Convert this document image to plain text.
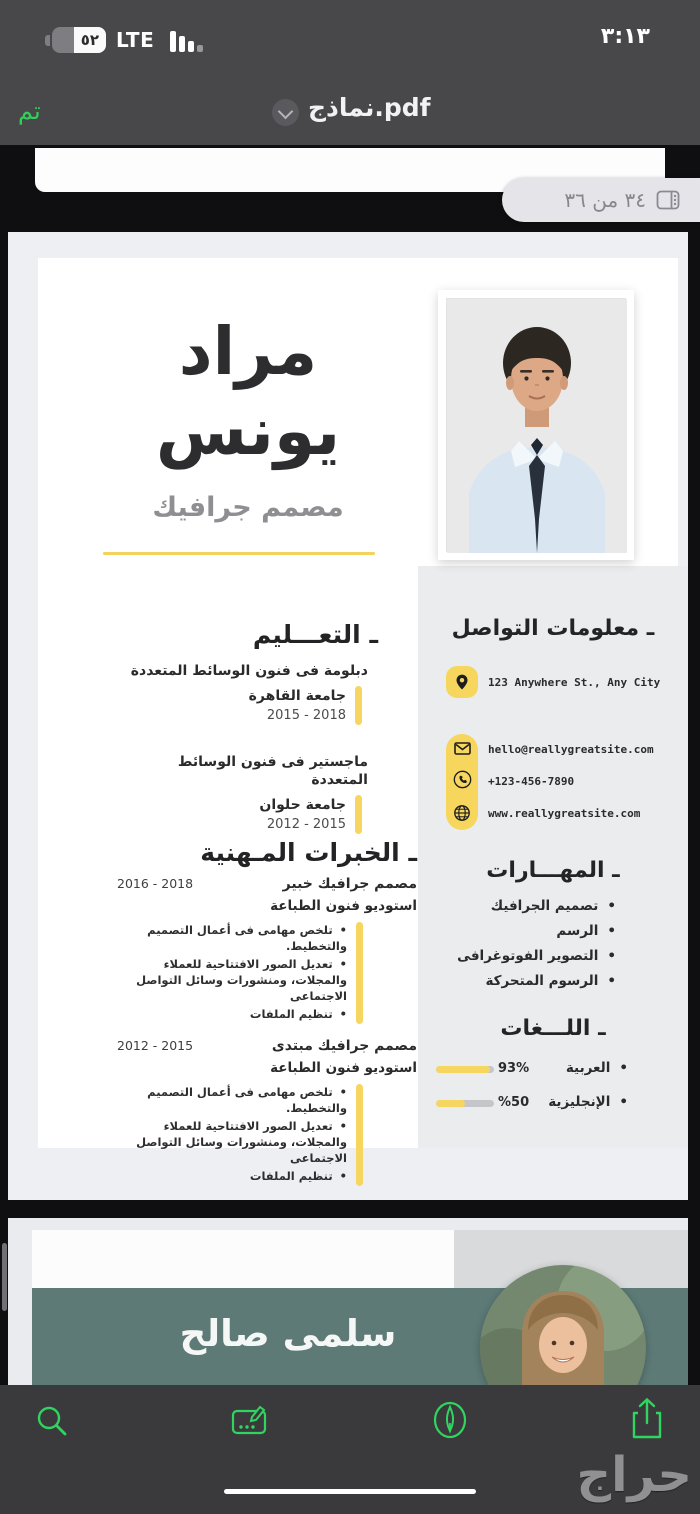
٣:١٣
٥٢ LTE
تم	نماذج.pdf
٣٤ من ٣٦
ـ معلومات التواصل
123 Anywhere St., Any City
hello@reallygreatsite.com
+123-456-7890
www.reallygreatsite.com
ـ المهـــارات
• تصميم الجرافيك
• الرسم
• التصوير الفوتوغرافى
• الرسوم المتحركة
ـ اللـــغات
• العربية
93%
• الإنجليزية
%50
مراد
يونس
مصمم جرافيك
ـ التعـــليم
دبلومة فى فنون الوسائط المتعددة
جامعة القاهرة
2015 - 2018
ماجستير فى فنون الوسائط المتعددة
جامعة حلوان
2012 - 2015
ـ الخبرات المـهنية
مصمم جرافيك خبير
2016 - 2018
استوديو فنون الطباعة
• تلخص مهامى فى أعمال التصميم والتخطيط.
• تعديل الصور الافتتاحية للعملاء والمجلات، ومنشورات وسائل التواصل الاجتماعى
• تنظيم الملفات
مصمم جرافيك مبتدى
2012 - 2015
استوديو فنون الطباعة
• تلخص مهامى فى أعمال التصميم والتخطيط.
• تعديل الصور الافتتاحية للعملاء والمجلات، ومنشورات وسائل التواصل الاجتماعى
• تنظيم الملفات
سلمى صالح
حراج
